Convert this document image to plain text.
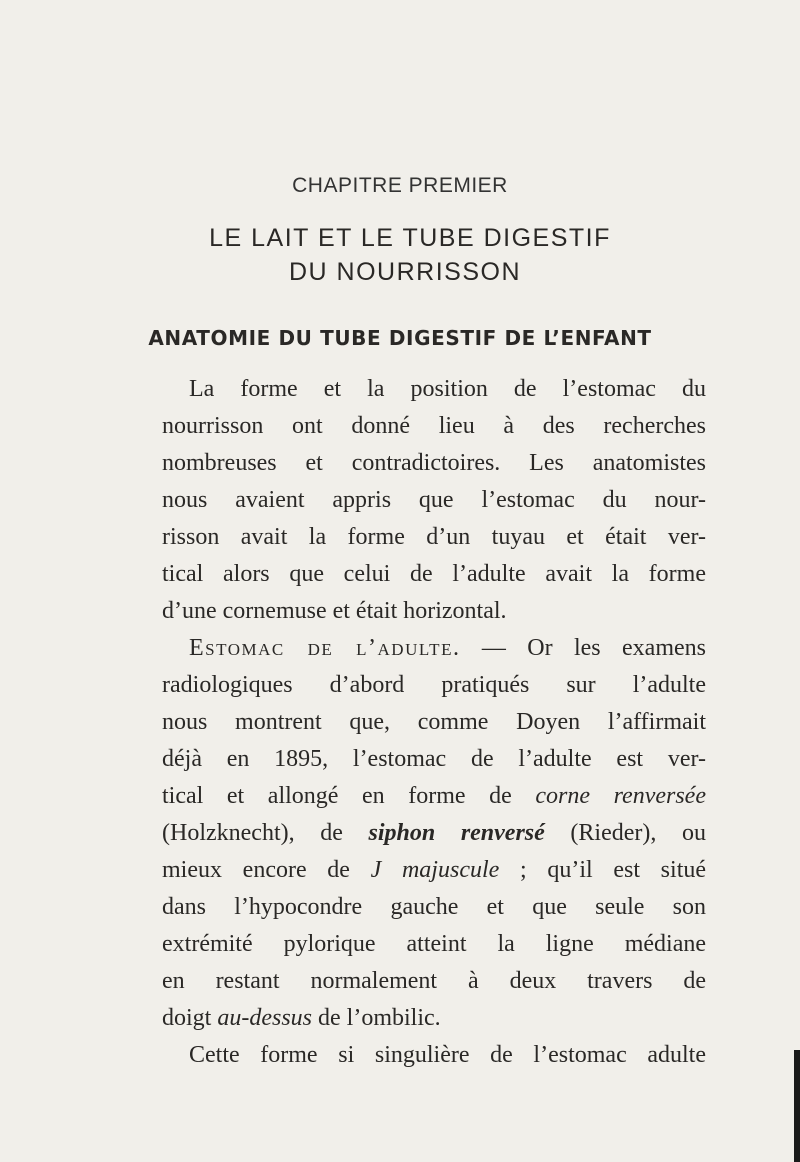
CHAPITRE PREMIER
LE LAIT ET LE TUBE DIGESTIF
DU NOURRISSON
ANATOMIE DU TUBE DIGESTIF DE L’ENFANT
La forme et la position de l’estomac du
nourrisson ont donné lieu à des recherches
nombreuses et contradictoires. Les anatomistes
nous avaient appris que l’estomac du nour-
risson avait la forme d’un tuyau et était ver-
tical alors que celui de l’adulte avait la forme
d’une cornemuse et était horizontal.
Estomac de l’adulte. — Or les examens
radiologiques d’abord pratiqués sur l’adulte
nous montrent que, comme Doyen l’affirmait
déjà en 1895, l’estomac de l’adulte est ver-
tical et allongé en forme de corne renversée
(Holzknecht), de siphon renversé (Rieder), ou
mieux encore de J majuscule ; qu’il est situé
dans l’hypocondre gauche et que seule son
extrémité pylorique atteint la ligne médiane
en restant normalement à deux travers de
doigt au-dessus de l’ombilic.
Cette forme si singulière de l’estomac adulte
